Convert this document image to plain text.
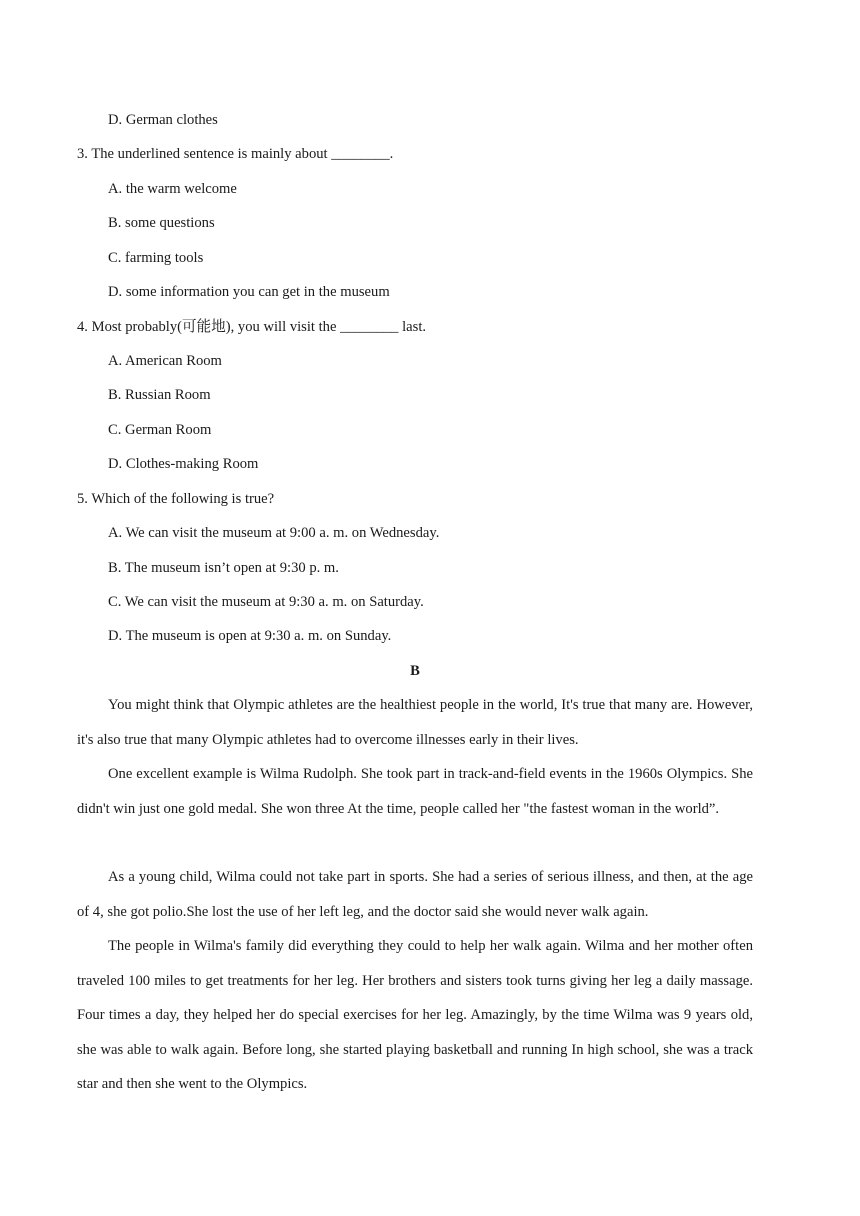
D. German clothes
3. The underlined sentence is mainly about ________.
A. the warm welcome
B. some questions
C. farming tools
D. some information you can get in the museum
4. Most probably(可能地), you will visit the ________ last.
A. American Room
B. Russian Room
C. German Room
D. Clothes-making Room
5. Which of the following is true?
A. We can visit the museum at 9:00 a. m. on Wednesday.
B. The museum isn’t open at 9:30 p. m.
C. We can visit the museum at 9:30 a. m. on Saturday.
D. The museum is open at 9:30 a. m. on Sunday.
B

You might think that Olympic athletes are the healthiest people in the world, It's true that many are. However, it's also true that many Olympic athletes had to overcome illnesses early in their lives.

One excellent example is Wilma Rudolph. She took part in track-and-field events in the 1960s Olympics. She didn't win just one gold medal. She won three At the time, people called her "the fastest woman in the world”.

As a young child, Wilma could not take part in sports. She had a series of serious illness, and then, at the age of 4, she got polio.She lost the use of her left leg, and the doctor said she would never walk again.

The people in Wilma's family did everything they could to help her walk again. Wilma and her mother often traveled 100 miles to get treatments for her leg. Her brothers and sisters took turns giving her leg a daily massage. Four times a day, they helped her do special exercises for her leg. Amazingly, by the time Wilma was 9 years old, she was able to walk again. Before long, she started playing basketball and running In high school, she was a track star and then she went to the Olympics.
